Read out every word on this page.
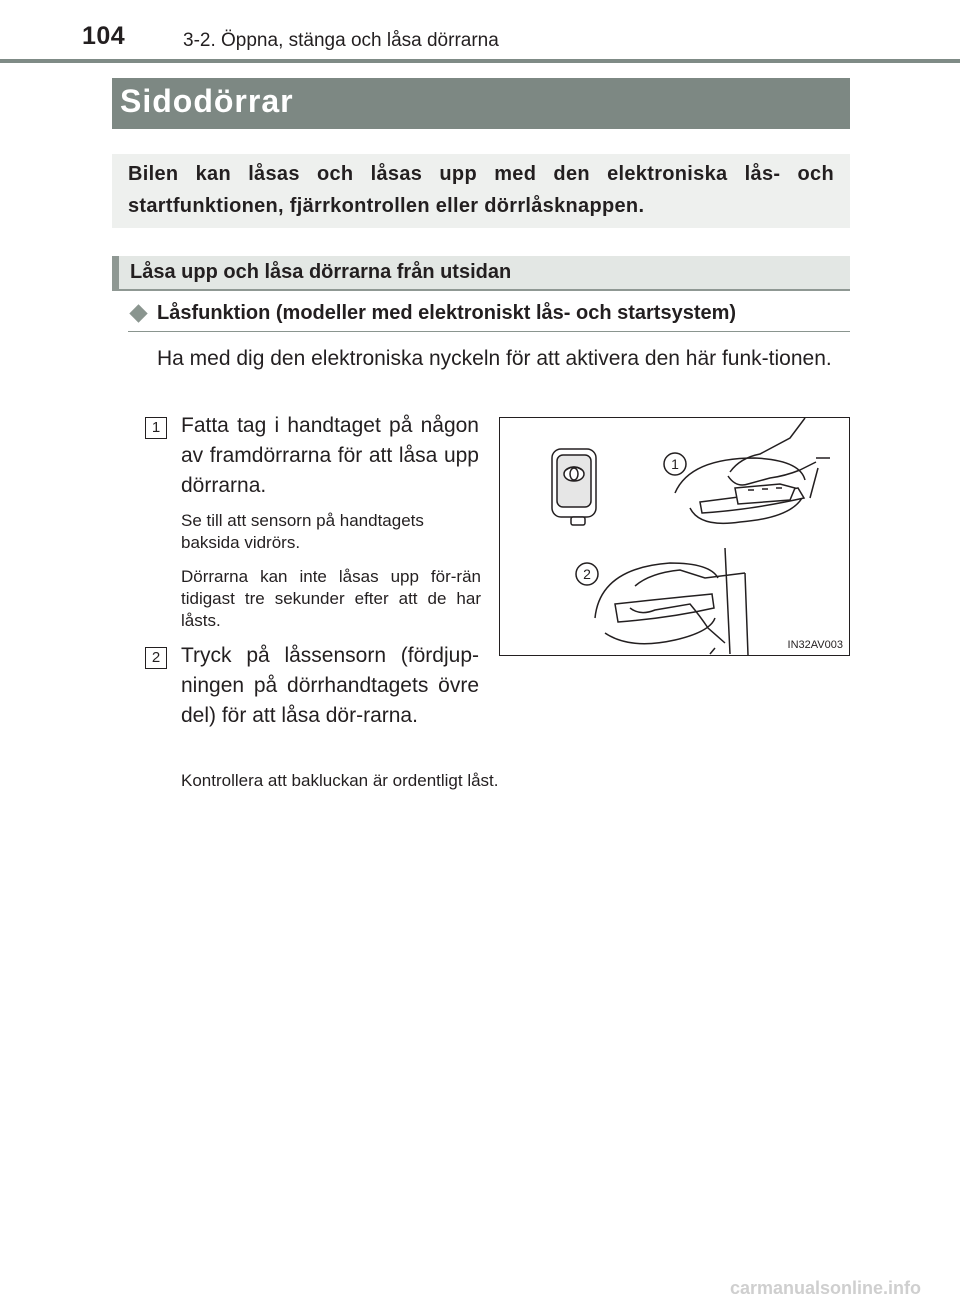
104	3-2. Öppna, stänga och låsa dörrarna
Sidodörrar
Bilen kan låsas och låsas upp med den elektroniska lås- och startfunktionen, fjärrkontrollen eller dörrlåsknappen.
Låsa upp och låsa dörrarna från utsidan
Låsfunktion (modeller med elektroniskt lås- och startsystem)
Ha med dig den elektroniska nyckeln för att aktivera den här funk-tionen.
1 Fatta tag i handtaget på någon av framdörrarna för att låsa upp dörrarna.
Se till att sensorn på handtagets baksida vidrörs.
Dörrarna kan inte låsas upp för-rän tidigast tre sekunder efter att de har låsts.
2 Tryck på låssensorn (fördjup-ningen på dörrhandtagets övre del) för att låsa dör-rarna.
Kontrollera att bakluckan är ordentligt låst.
1
2
IN32AV003
carmanualsonline.info
